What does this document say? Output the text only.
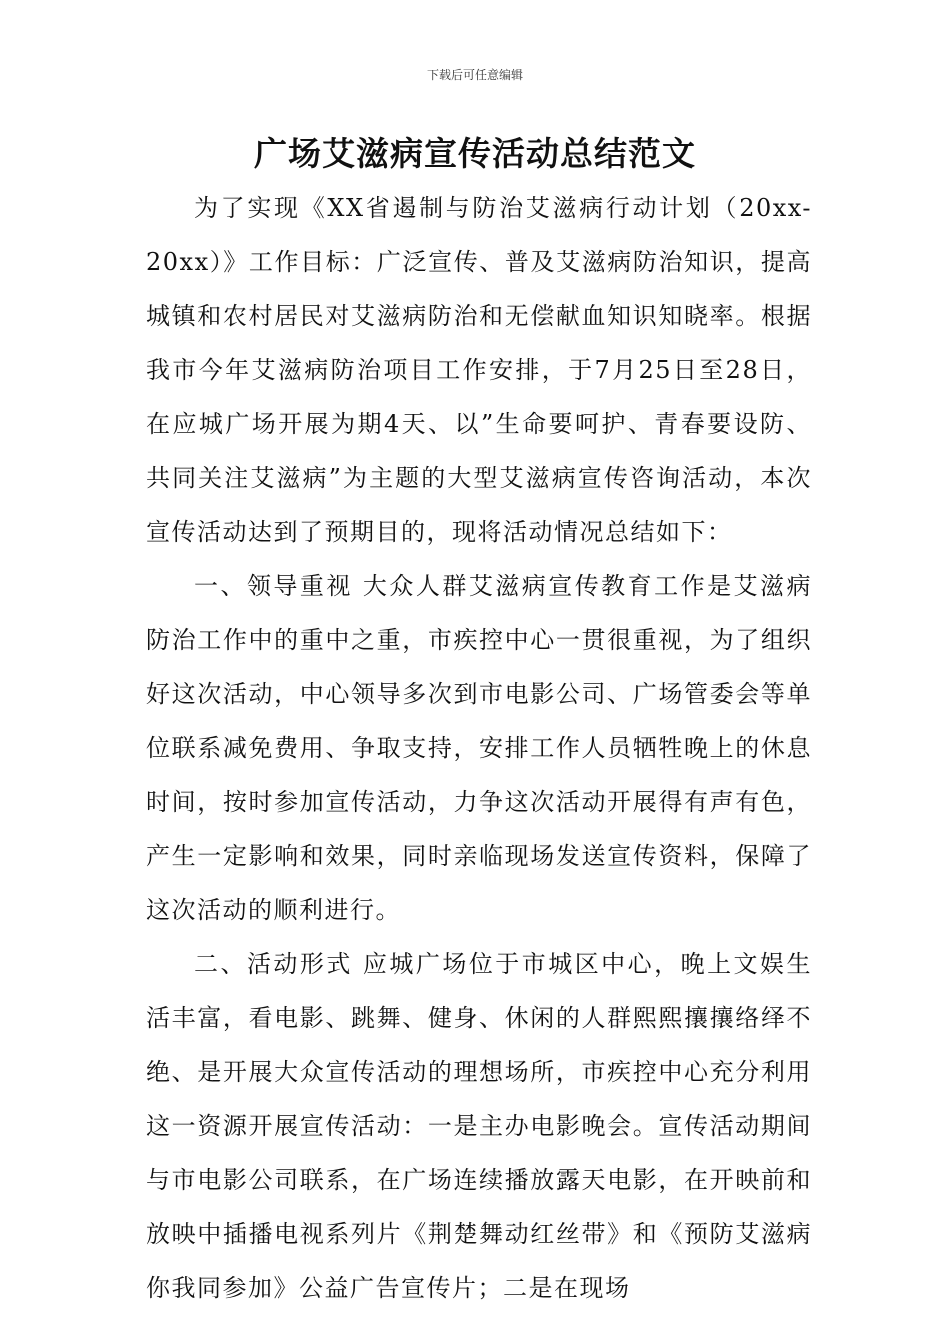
下载后可任意编辑
广场艾滋病宣传活动总结范文

为了实现《XX省遏制与防治艾滋病行动计划（20xx-20xx）》工作目标：广泛宣传、普及艾滋病防治知识，提高城镇和农村居民对艾滋病防治和无偿献血知识知晓率。根据我市今年艾滋病防治项目工作安排，于7月25日至28日，在应城广场开展为期4天、以”生命要呵护、青春要设防、共同关注艾滋病”为主题的大型艾滋病宣传咨询活动，本次宣传活动达到了预期目的，现将活动情况总结如下：

一、领导重视 大众人群艾滋病宣传教育工作是艾滋病防治工作中的重中之重，市疾控中心一贯很重视，为了组织好这次活动，中心领导多次到市电影公司、广场管委会等单位联系减免费用、争取支持，安排工作人员牺牲晚上的休息时间，按时参加宣传活动，力争这次活动开展得有声有色，产生一定影响和效果，同时亲临现场发送宣传资料，保障了这次活动的顺利进行。

二、活动形式 应城广场位于市城区中心，晚上文娱生活丰富，看电影、跳舞、健身、休闲的人群熙熙攘攘络绎不绝、是开展大众宣传活动的理想场所，市疾控中心充分利用这一资源开展宣传活动：一是主办电影晚会。宣传活动期间与市电影公司联系，在广场连续播放露天电影，在开映前和放映中插播电视系列片《荆楚舞动红丝带》和《预防艾滋病 你我同参加》公益广告宣传片；二是在现场
